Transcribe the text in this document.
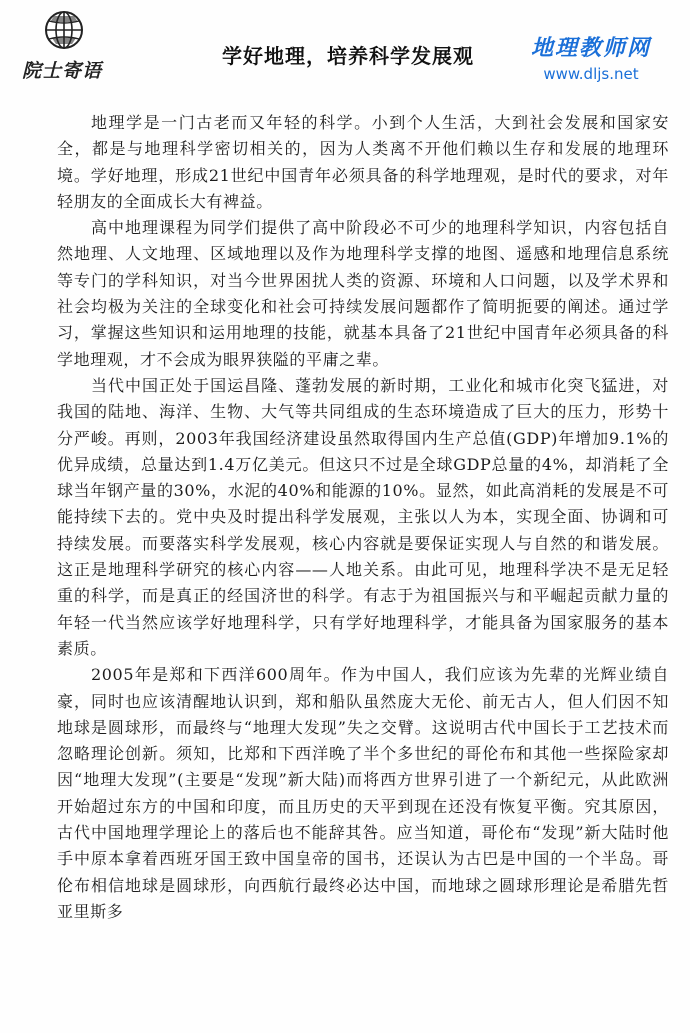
院士寄语
学好地理，培养科学发展观	地理教师网
www.dljs.net

地理学是一门古老而又年轻的科学。小到个人生活，大到社会发展和国家安全，都是与地理科学密切相关的，因为人类离不开他们赖以生存和发展的地理环境。学好地理，形成21世纪中国青年必须具备的科学地理观，是时代的要求，对年轻朋友的全面成长大有裨益。

高中地理课程为同学们提供了高中阶段必不可少的地理科学知识，内容包括自然地理、人文地理、区域地理以及作为地理科学支撑的地图、遥感和地理信息系统等专门的学科知识，对当今世界困扰人类的资源、环境和人口问题，以及学术界和社会均极为关注的全球变化和社会可持续发展问题都作了简明扼要的阐述。通过学习，掌握这些知识和运用地理的技能，就基本具备了21世纪中国青年必须具备的科学地理观，才不会成为眼界狭隘的平庸之辈。

当代中国正处于国运昌隆、蓬勃发展的新时期，工业化和城市化突飞猛进，对我国的陆地、海洋、生物、大气等共同组成的生态环境造成了巨大的压力，形势十分严峻。再则，2003年我国经济建设虽然取得国内生产总值(GDP)年增加9.1%的优异成绩，总量达到1.4万亿美元。但这只不过是全球GDP总量的4%，却消耗了全球当年钢产量的30%，水泥的40%和能源的10%。显然，如此高消耗的发展是不可能持续下去的。党中央及时提出科学发展观，主张以人为本，实现全面、协调和可持续发展。而要落实科学发展观，核心内容就是要保证实现人与自然的和谐发展。这正是地理科学研究的核心内容——人地关系。由此可见，地理科学决不是无足轻重的科学，而是真正的经国济世的科学。有志于为祖国振兴与和平崛起贡献力量的年轻一代当然应该学好地理科学，只有学好地理科学，才能具备为国家服务的基本素质。

2005年是郑和下西洋600周年。作为中国人，我们应该为先辈的光辉业绩自豪，同时也应该清醒地认识到，郑和船队虽然庞大无伦、前无古人，但人们因不知地球是圆球形，而最终与“地理大发现”失之交臂。这说明古代中国长于工艺技术而忽略理论创新。须知，比郑和下西洋晚了半个多世纪的哥伦布和其他一些探险家却因“地理大发现”(主要是“发现”新大陆)而将西方世界引进了一个新纪元，从此欧洲开始超过东方的中国和印度，而且历史的天平到现在还没有恢复平衡。究其原因，古代中国地理学理论上的落后也不能辞其咎。应当知道，哥伦布“发现”新大陆时他手中原本拿着西班牙国王致中国皇帝的国书，还误认为古巴是中国的一个半岛。哥伦布相信地球是圆球形，向西航行最终必达中国，而地球之圆球形理论是希腊先哲亚里斯多
